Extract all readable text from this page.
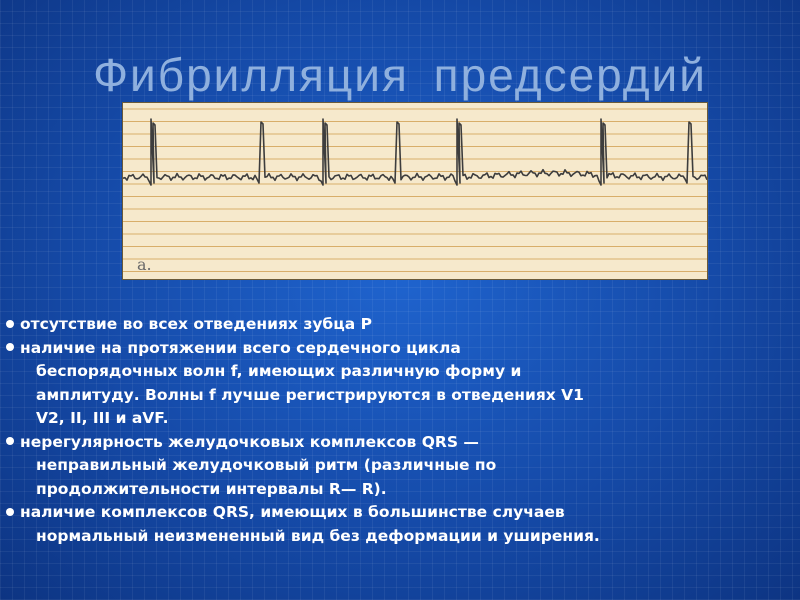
Фибрилляция предсердий
a.
отсутствие во всех отведениях зубца P
наличие на протяжении всего сердечного цикла
беспорядочных волн f, имеющих различную форму и
амплитуду. Волны f лучше регистрируются в отведениях V1
V2, II, III и aVF.
нерегулярность желудочковых комплексов QRS —
неправильный желудочковый ритм (различные по
продолжительности интервалы R— R).
наличие комплексов QRS, имеющих в большинстве случаев
нормальный неизмененный вид без деформации и уширения.
